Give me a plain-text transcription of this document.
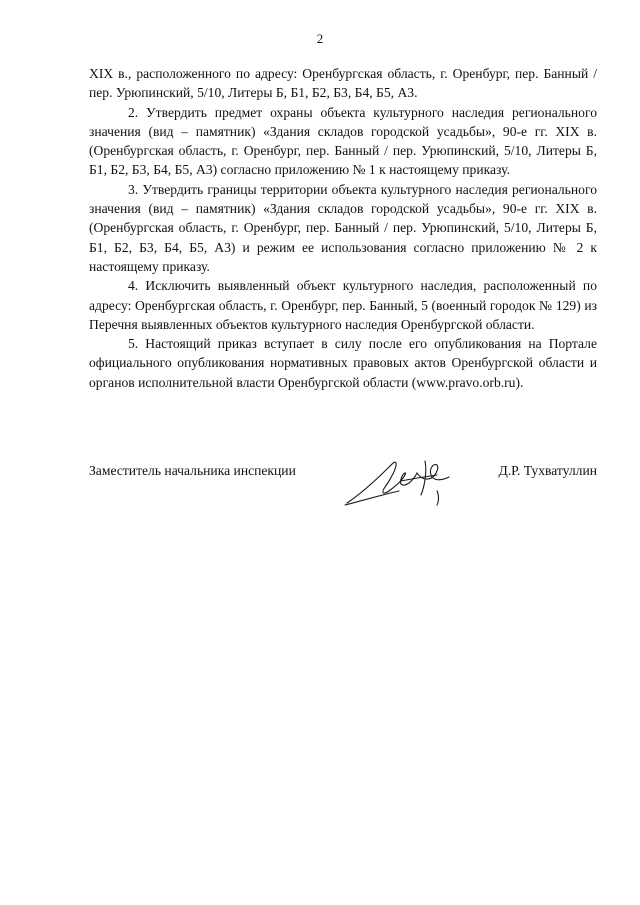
2

XIX в., расположенного по адресу: Оренбургская область, г. Оренбург, пер. Банный / пер. Урюпинский, 5/10, Литеры Б, Б1, Б2, Б3, Б4, Б5, А3.

2. Утвердить предмет охраны объекта культурного наследия регионального значения (вид – памятник) «Здания складов городской усадьбы», 90-е гг. XIX в. (Оренбургская область, г. Оренбург, пер. Банный / пер. Урюпинский, 5/10, Литеры Б, Б1, Б2, Б3, Б4, Б5, А3) согласно приложению № 1 к настоящему приказу.

3. Утвердить границы территории объекта культурного наследия регионального значения (вид – памятник) «Здания складов городской усадьбы», 90-е гг. XIX в. (Оренбургская область, г. Оренбург, пер. Банный / пер. Урюпинский, 5/10, Литеры Б, Б1, Б2, Б3, Б4, Б5, А3) и режим ее использования согласно приложению № 2 к настоящему приказу.

4. Исключить выявленный объект культурного наследия, расположенный по адресу: Оренбургская область, г. Оренбург, пер. Банный, 5 (военный городок № 129) из Перечня выявленных объектов культурного наследия Оренбургской области.

5. Настоящий приказ вступает в силу после его опубликования на Портале официального опубликования нормативных правовых актов Оренбургской области и органов исполнительной власти Оренбургской области (www.pravo.orb.ru).

Заместитель начальника инспекции	Д.Р. Тухватуллин
